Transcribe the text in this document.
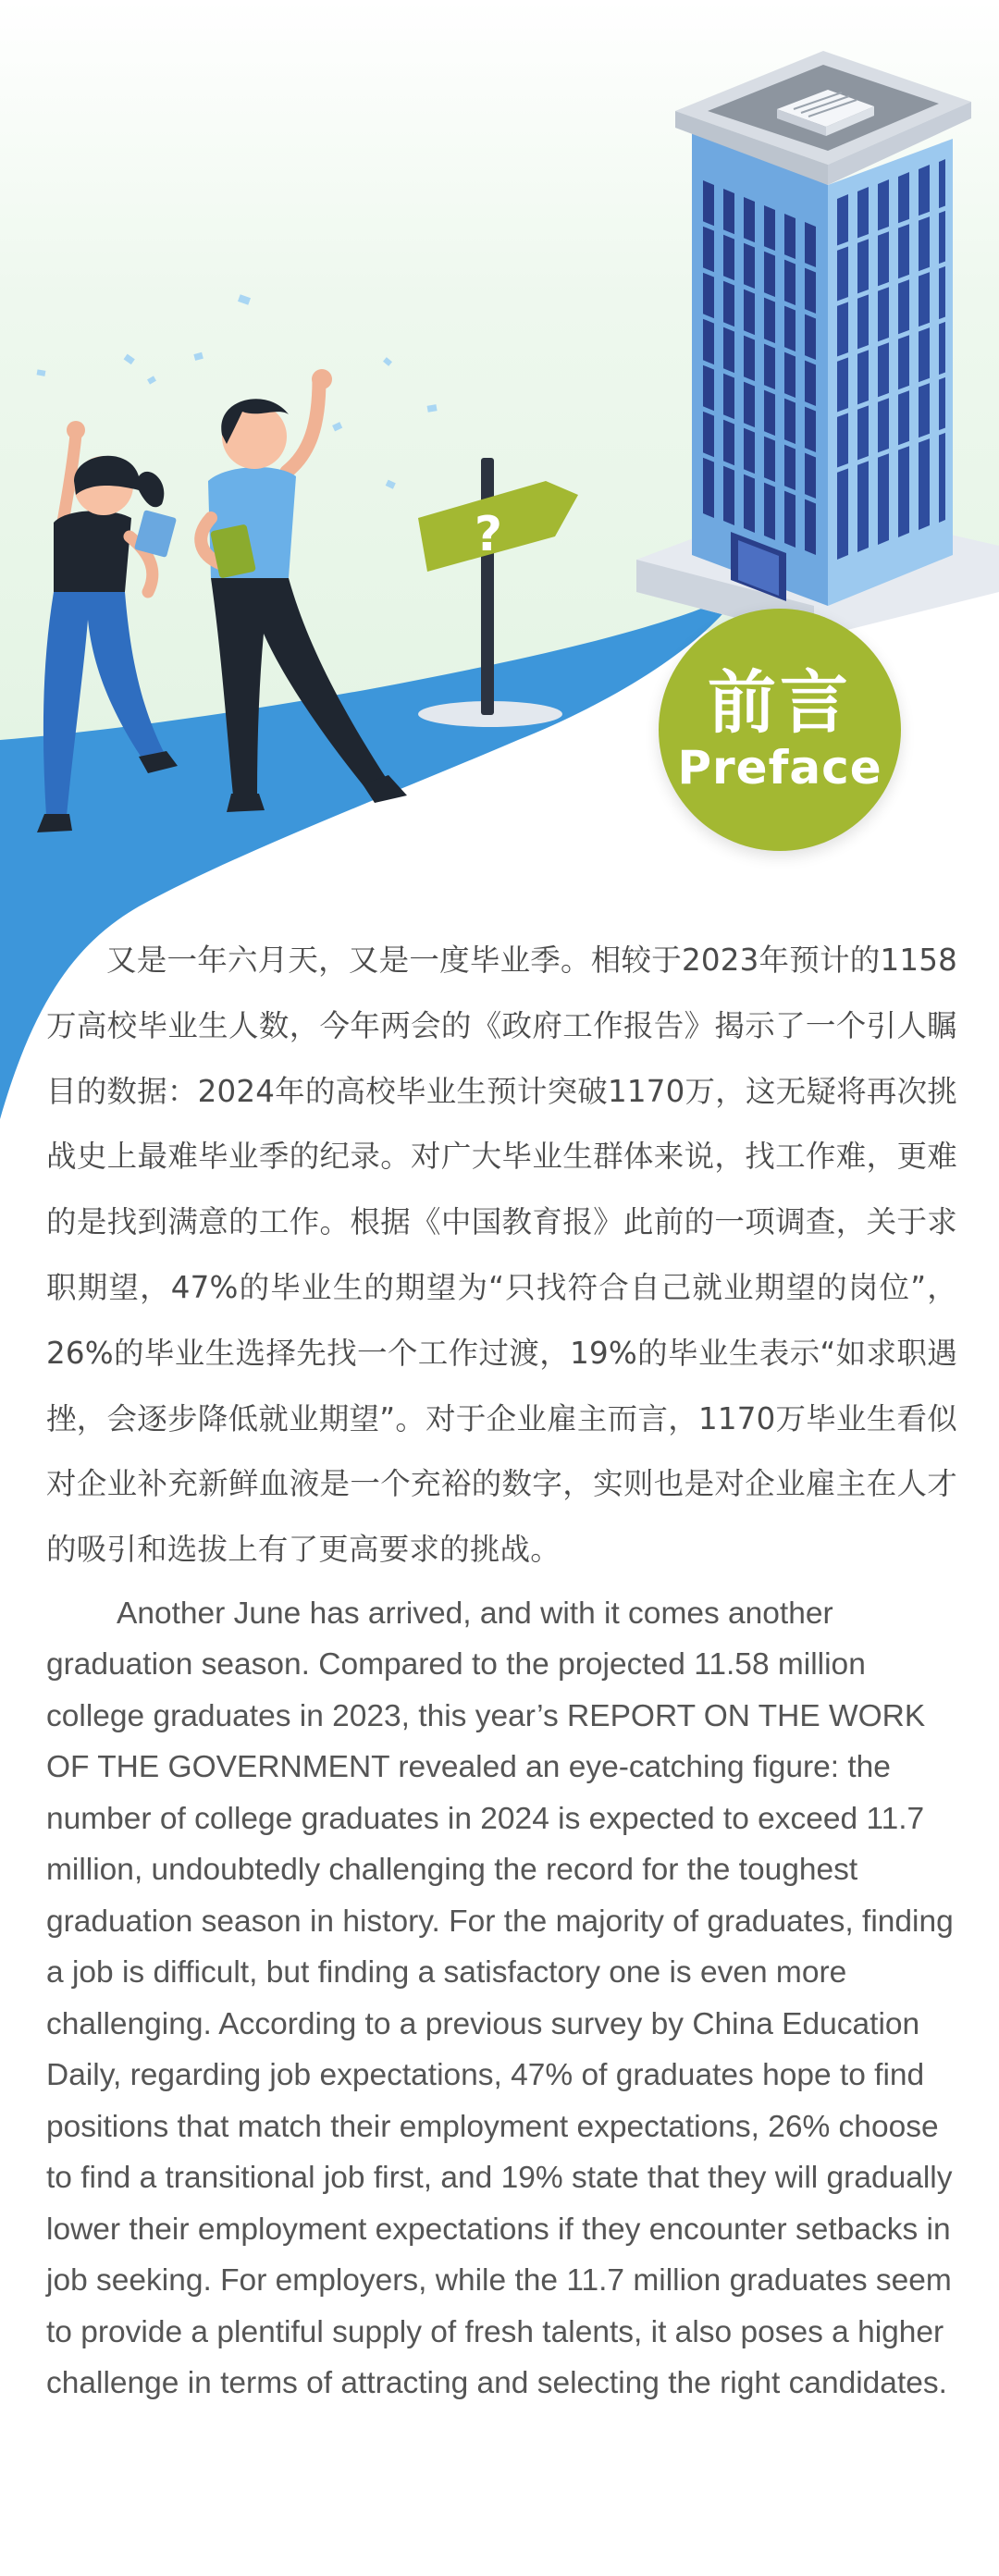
?
前言
Preface

又是一年六月天，又是一度毕业季。相较于2023年预计的1158万高校毕业生人数，今年两会的《政府工作报告》揭示了一个引人瞩目的数据：2024年的高校毕业生预计突破1170万，这无疑将再次挑战史上最难毕业季的纪录。对广大毕业生群体来说，找工作难，更难的是找到满意的工作。根据《中国教育报》此前的一项调查，关于求职期望，47%的毕业生的期望为“只找符合自己就业期望的岗位”，26%的毕业生选择先找一个工作过渡，19%的毕业生表示“如求职遇挫，会逐步降低就业期望”。对于企业雇主而言，1170万毕业生看似对企业补充新鲜血液是一个充裕的数字，实则也是对企业雇主在人才的吸引和选拔上有了更高要求的挑战。

Another June has arrived, and with it comes another graduation season. Compared to the projected 11.58 million college graduates in 2023, this year’s REPORT ON THE WORK OF THE GOVERNMENT revealed an eye-catching figure: the number of college graduates in 2024 is expected to exceed 11.7 million, undoubtedly challenging the record for the toughest graduation season in history. For the majority of graduates, finding a job is difficult, but finding a satisfactory one is even more challenging. According to a previous survey by China Education Daily, regarding job expectations, 47% of graduates hope to find positions that match their employment expectations, 26% choose to find a transitional job first, and 19% state that they will gradually lower their employment expectations if they encounter setbacks in job seeking. For employers, while the 11.7 million graduates seem to provide a plentiful supply of fresh talents, it also poses a higher challenge in terms of attracting and selecting the right candidates.
